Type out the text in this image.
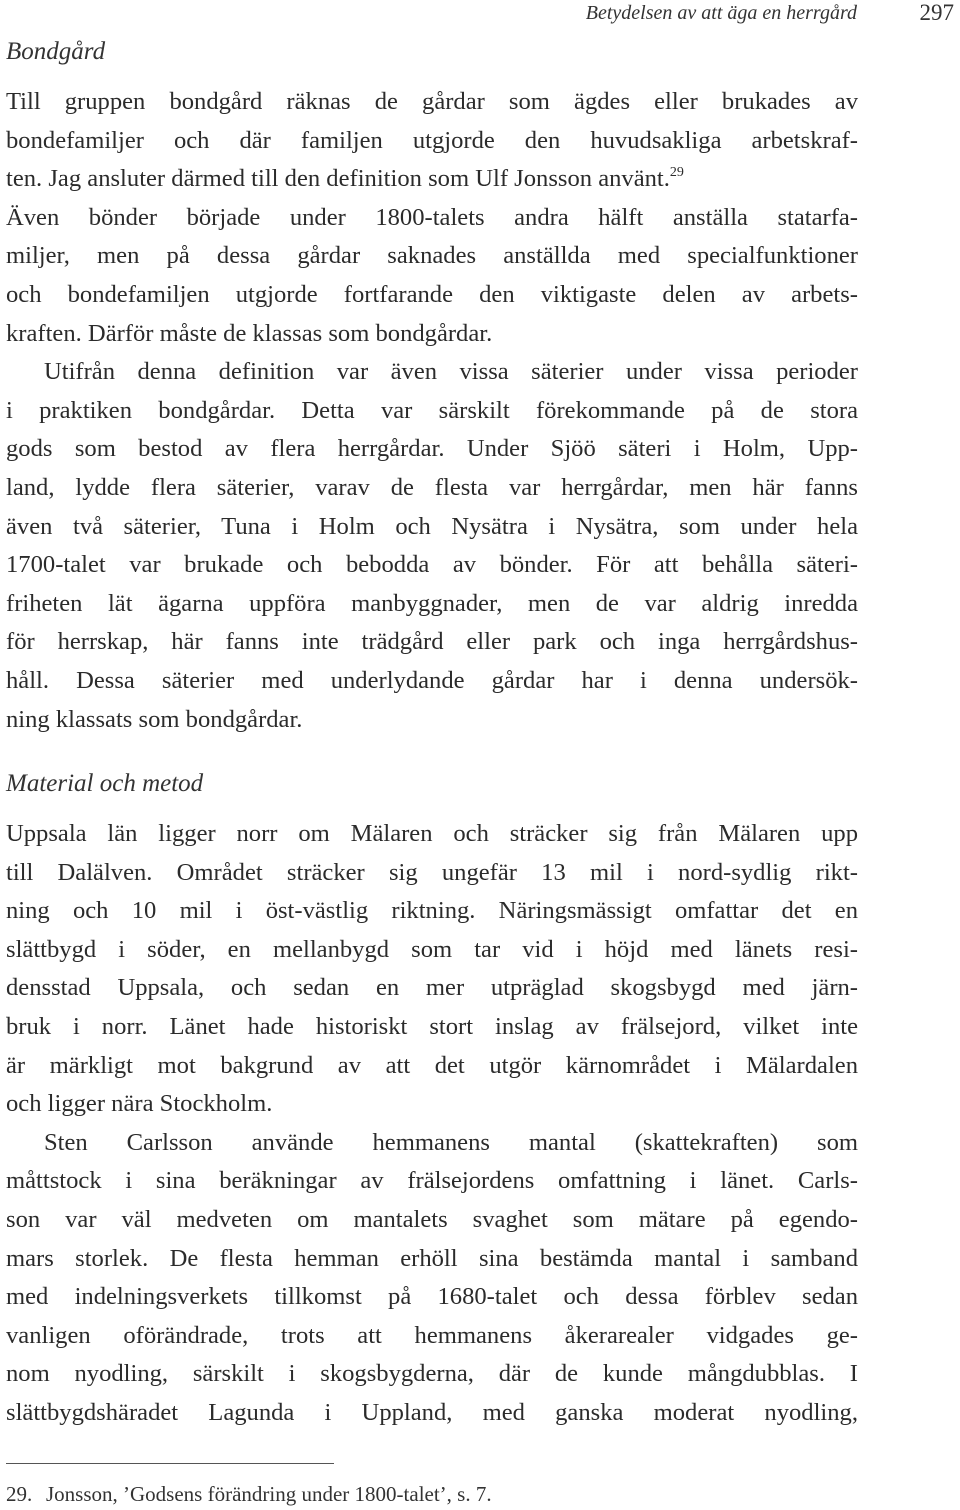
Betydelsen av att äga en herrgård	297
Bondgård
Till gruppen bondgård räknas de gårdar som ägdes eller brukades av
bondefamiljer och där familjen utgjorde den huvudsakliga arbetskraf-
ten. Jag ansluter därmed till den definition som Ulf Jonsson använt.$^{29}$
Även bönder började under 1800-talets andra hälft anställa statarfa-
miljer, men på dessa gårdar saknades anställda med specialfunktioner
och bondefamiljen utgjorde fortfarande den viktigaste delen av arbets-
kraften. Därför måste de klassas som bondgårdar.
Utifrån denna definition var även vissa säterier under vissa perioder
i praktiken bondgårdar. Detta var särskilt förekommande på de stora
gods som bestod av flera herrgårdar. Under Sjöö säteri i Holm, Upp-
land, lydde flera säterier, varav de flesta var herrgårdar, men här fanns
även två säterier, Tuna i Holm och Nysätra i Nysätra, som under hela
1700-talet var brukade och bebodda av bönder. För att behålla säteri-
friheten lät ägarna uppföra manbyggnader, men de var aldrig inredda
för herrskap, här fanns inte trädgård eller park och inga herrgårdshus-
håll. Dessa säterier med underlydande gårdar har i denna undersök-
ning klassats som bondgårdar.
Material och metod
Uppsala län ligger norr om Mälaren och sträcker sig från Mälaren upp
till Dalälven. Området sträcker sig ungefär 13 mil i nord-sydlig rikt-
ning och 10 mil i öst-västlig riktning. Näringsmässigt omfattar det en
slättbygd i söder, en mellanbygd som tar vid i höjd med länets resi-
densstad Uppsala, och sedan en mer utpräglad skogsbygd med järn-
bruk i norr. Länet hade historiskt stort inslag av frälsejord, vilket inte
är märkligt mot bakgrund av att det utgör kärnområdet i Mälardalen
och ligger nära Stockholm.
Sten Carlsson använde hemmanens mantal (skattekraften) som
måttstock i sina beräkningar av frälsejordens omfattning i länet. Carls-
son var väl medveten om mantalets svaghet som mätare på egendo-
mars storlek. De flesta hemman erhöll sina bestämda mantal i samband
med indelningsverkets tillkomst på 1680-talet och dessa förblev sedan
vanligen oförändrade, trots att hemmanens åkerarealer vidgades ge-
nom nyodling, särskilt i skogsbygderna, där de kunde mångdubblas. I
slättbygdshäradet Lagunda i Uppland, med ganska moderat nyodling,
29. Jonsson, ’Godsens förändring under 1800-talet’, s. 7.
